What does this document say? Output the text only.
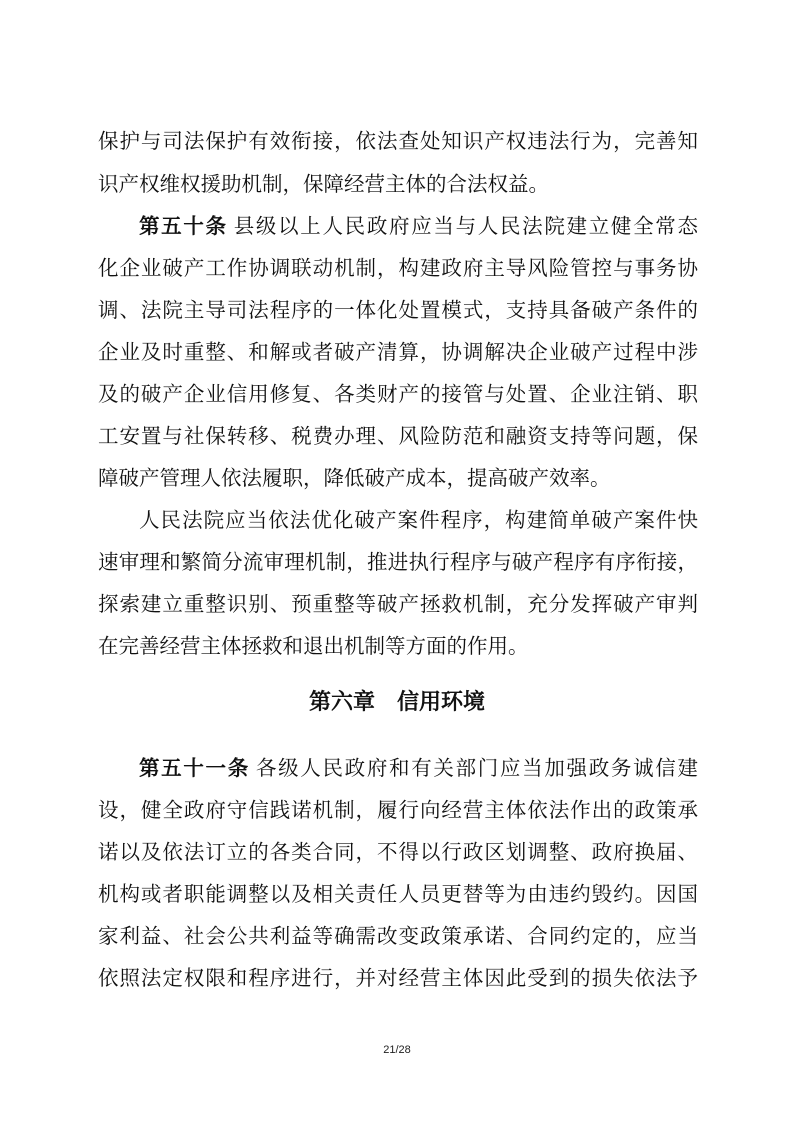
保护与司法保护有效衔接，依法查处知识产权违法行为，完善知
识产权维权援助机制，保障经营主体的合法权益。
第五十条 县级以上人民政府应当与人民法院建立健全常态
化企业破产工作协调联动机制，构建政府主导风险管控与事务协
调、法院主导司法程序的一体化处置模式，支持具备破产条件的
企业及时重整、和解或者破产清算，协调解决企业破产过程中涉
及的破产企业信用修复、各类财产的接管与处置、企业注销、职
工安置与社保转移、税费办理、风险防范和融资支持等问题，保
障破产管理人依法履职，降低破产成本，提高破产效率。
人民法院应当依法优化破产案件程序，构建简单破产案件快
速审理和繁简分流审理机制，推进执行程序与破产程序有序衔接，
探索建立重整识别、预重整等破产拯救机制，充分发挥破产审判
在完善经营主体拯救和退出机制等方面的作用。
第六章　信用环境
第五十一条 各级人民政府和有关部门应当加强政务诚信建
设，健全政府守信践诺机制，履行向经营主体依法作出的政策承
诺以及依法订立的各类合同，不得以行政区划调整、政府换届、
机构或者职能调整以及相关责任人员更替等为由违约毁约。因国
家利益、社会公共利益等确需改变政策承诺、合同约定的，应当
依照法定权限和程序进行，并对经营主体因此受到的损失依法予
21/28
